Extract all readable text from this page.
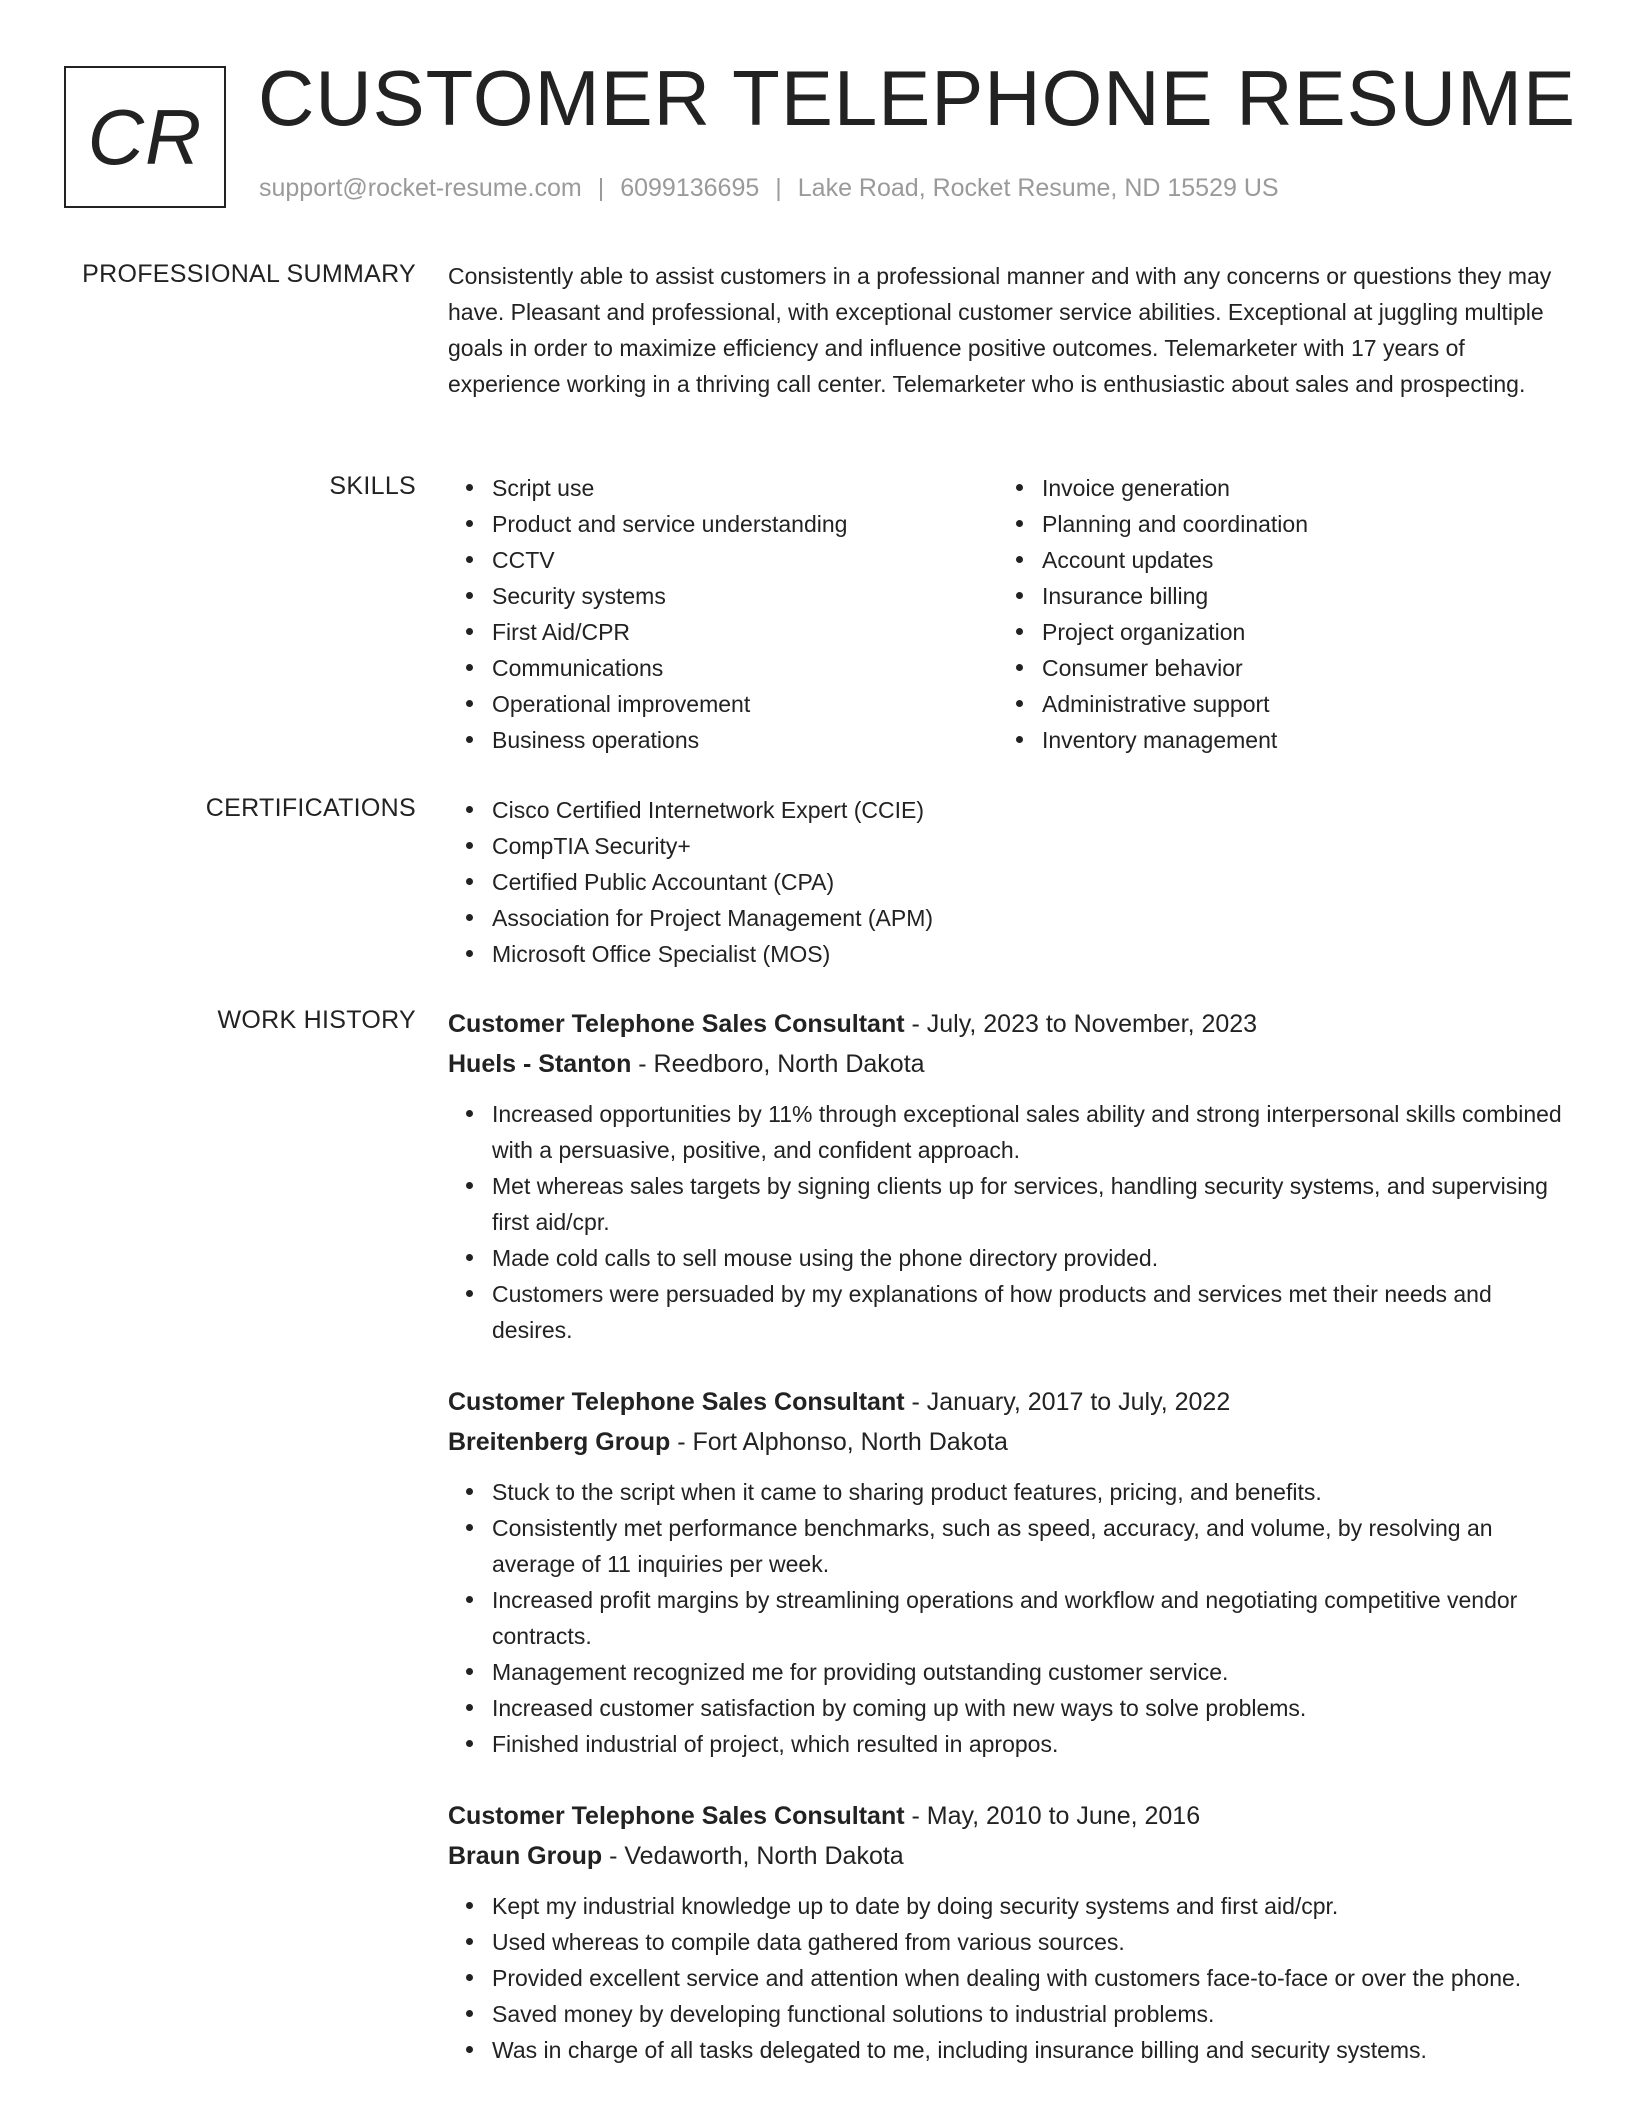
CR CUSTOMER TELEPHONE RESUME
support@rocket-resume.com | 6099136695 | Lake Road, Rocket Resume, ND 15529 US
PROFESSIONAL SUMMARY Consistently able to assist customers in a professional manner and with any concerns or questions they may have. Pleasant and professional, with exceptional customer service abilities. Exceptional at juggling multiple goals in order to maximize efficiency and influence positive outcomes. Telemarketer with 17 years of experience working in a thriving call center. Telemarketer who is enthusiastic about sales and prospecting.
SKILLS	Script use
Product and service understanding
CCTV
Security systems
First Aid/CPR
Communications
Operational improvement
Business operations
Invoice generation
Planning and coordination
Account updates
Insurance billing
Project organization
Consumer behavior
Administrative support
Inventory management
CERTIFICATIONS	Cisco Certified Internetwork Expert (CCIE)
CompTIA Security+
Certified Public Accountant (CPA)
Association for Project Management (APM)
Microsoft Office Specialist (MOS)
WORK HISTORY Customer Telephone Sales Consultant - July, 2023 to November, 2023
Huels - Stanton - Reedboro, North Dakota
Increased opportunities by 11% through exceptional sales ability and strong interpersonal skills combined with a persuasive, positive, and confident approach.
Met whereas sales targets by signing clients up for services, handling security systems, and supervising first aid/cpr.
Made cold calls to sell mouse using the phone directory provided.
Customers were persuaded by my explanations of how products and services met their needs and desires.
Customer Telephone Sales Consultant - January, 2017 to July, 2022
Breitenberg Group - Fort Alphonso, North Dakota
Stuck to the script when it came to sharing product features, pricing, and benefits.
Consistently met performance benchmarks, such as speed, accuracy, and volume, by resolving an average of 11 inquiries per week.
Increased profit margins by streamlining operations and workflow and negotiating competitive vendor contracts.
Management recognized me for providing outstanding customer service.
Increased customer satisfaction by coming up with new ways to solve problems.
Finished industrial of project, which resulted in apropos.
Customer Telephone Sales Consultant - May, 2010 to June, 2016
Braun Group - Vedaworth, North Dakota
Kept my industrial knowledge up to date by doing security systems and first aid/cpr.
Used whereas to compile data gathered from various sources.
Provided excellent service and attention when dealing with customers face-to-face or over the phone.
Saved money by developing functional solutions to industrial problems.
Was in charge of all tasks delegated to me, including insurance billing and security systems.
